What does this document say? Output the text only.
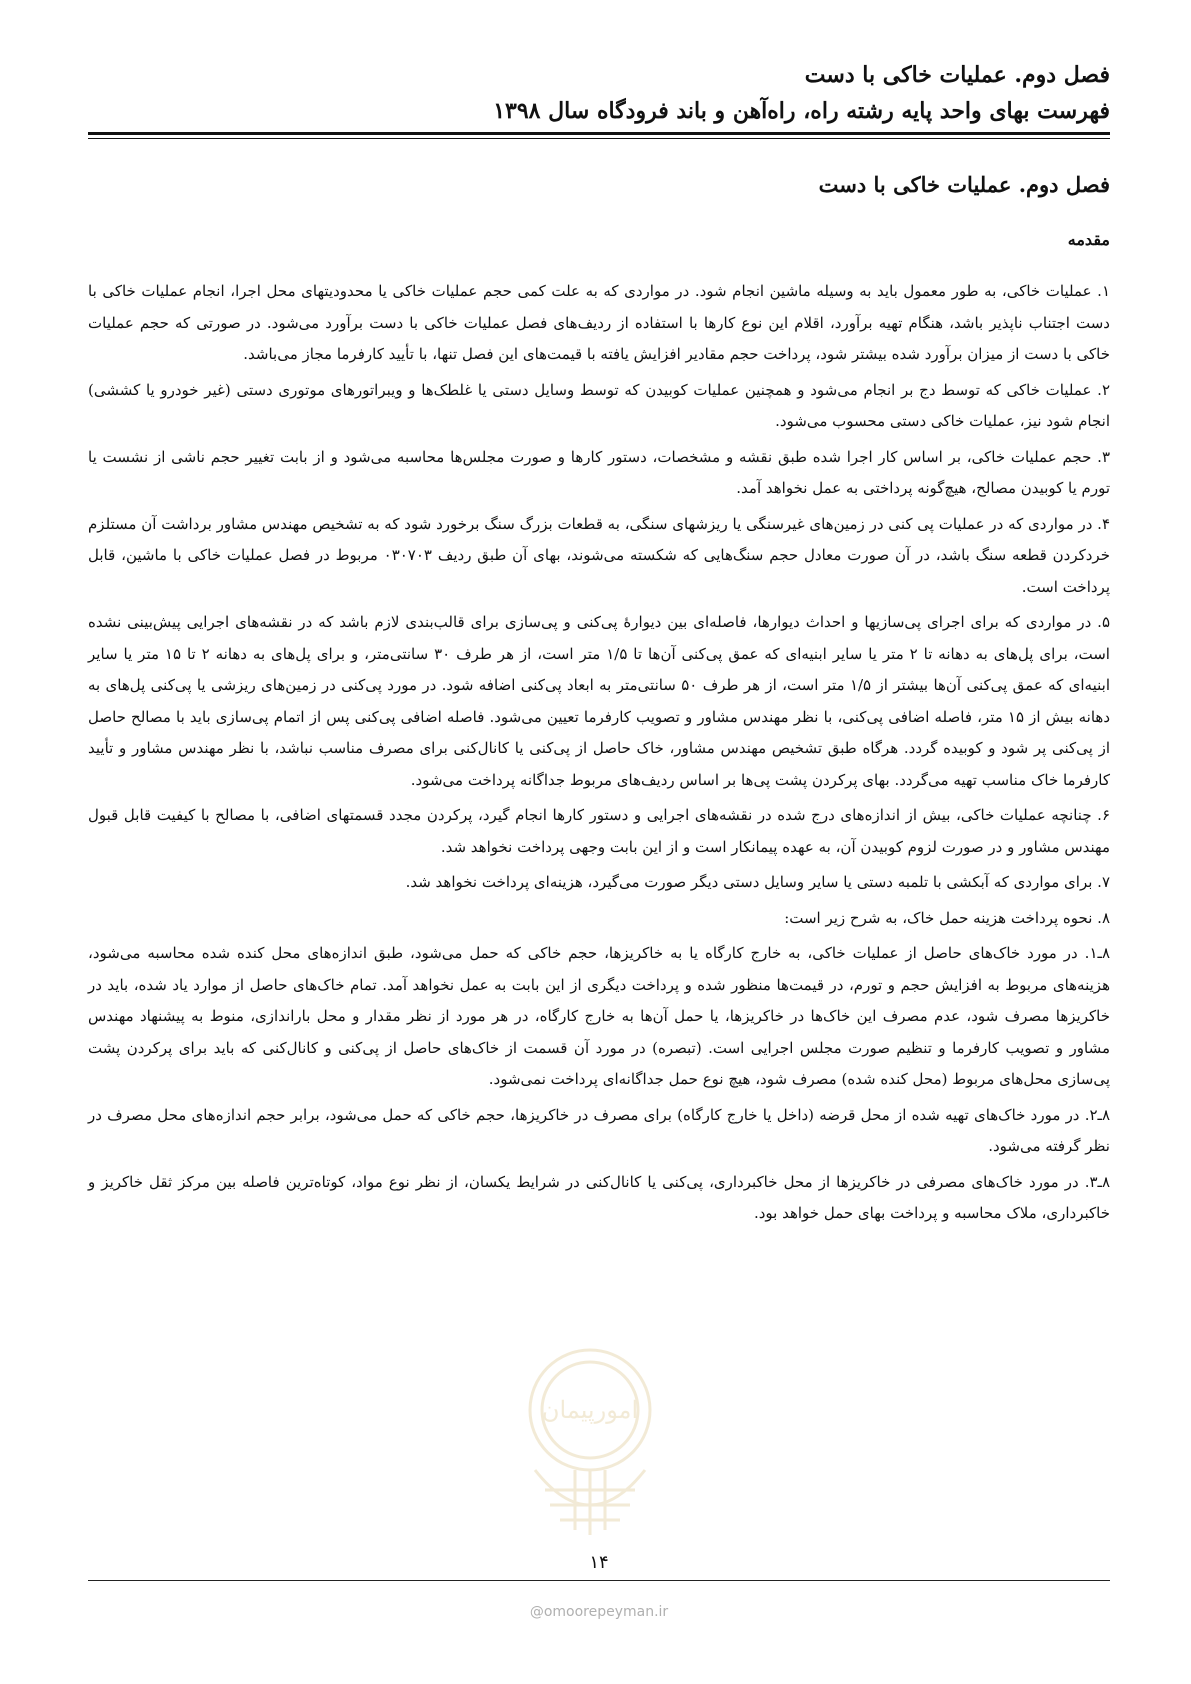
فصل دوم. عملیات خاکی با دست
فهرست بهای واحد پایه رشته راه، راه‌آهن و باند فرودگاه سال ۱۳۹۸
فصل دوم. عملیات خاکی با دست
مقدمه

۱. عملیات خاکی، به طور معمول باید به وسیله ماشین انجام شود. در مواردی که به علت کمی حجم عملیات خاکی یا محدودیتهای محل اجرا، انجام عملیات خاکی با دست اجتناب ناپذیر باشد، هنگام تهیه برآورد، اقلام این نوع کارها با استفاده از ردیف‌های فصل عملیات خاکی با دست برآورد می‌شود. در صورتی که حجم عملیات خاکی با دست از میزان برآورد شده بیشتر شود، پرداخت حجم مقادیر افزایش یافته با قیمت‌های این فصل تنها، با تأیید کارفرما مجاز می‌باشد.

۲. عملیات خاکی که توسط دج بر انجام می‌شود و همچنین عملیات کوبیدن که توسط وسایل دستی یا غلطک‌ها و ویبراتورهای موتوری دستی (غیر خودرو یا کششی) انجام شود نیز، عملیات خاکی دستی محسوب می‌شود.

۳. حجم عملیات خاکی، بر اساس کار اجرا شده طبق نقشه و مشخصات، دستور کارها و صورت مجلس‌ها محاسبه می‌شود و از بابت تغییر حجم ناشی از نشست یا تورم یا کوبیدن مصالح، هیچ‌گونه پرداختی به عمل نخواهد آمد.

۴. در مواردی که در عملیات پی کنی در زمین‌های غیرسنگی یا ریزشهای سنگی، به قطعات بزرگ سنگ برخورد شود که به تشخیص مهندس مشاور برداشت آن مستلزم خردکردن قطعه سنگ باشد، در آن صورت معادل حجم سنگ‌هایی که شکسته می‌شوند، بهای آن طبق ردیف ۰۳۰۷۰۳ مربوط در فصل عملیات خاکی با ماشین، قابل پرداخت است.

۵. در مواردی که برای اجرای پی‌سازیها و احداث دیوارها، فاصله‌ای بین دیوارهٔ پی‌کنی و پی‌سازی برای قالب‌بندی لازم باشد که در نقشه‌های اجرایی پیش‌بینی نشده است، برای پل‌های به دهانه تا ۲ متر یا سایر ابنیه‌ای که عمق پی‌کنی آن‌ها تا ۱/۵ متر است، از هر طرف ۳۰ سانتی‌متر، و برای پل‌های به دهانه ۲ تا ۱۵ متر یا سایر ابنیه‌ای که عمق پی‌کنی آن‌ها بیشتر از ۱/۵ متر است، از هر طرف ۵۰ سانتی‌متر به ابعاد پی‌کنی اضافه شود. در مورد پی‌کنی در زمین‌های ریزشی یا پی‌کنی پل‌های به دهانه بیش از ۱۵ متر، فاصله اضافی پی‌کنی، با نظر مهندس مشاور و تصویب کارفرما تعیین می‌شود. فاصله اضافی پی‌کنی پس از اتمام پی‌سازی باید با مصالح حاصل از پی‌کنی پر شود و کوبیده گردد. هرگاه طبق تشخیص مهندس مشاور، خاک حاصل از پی‌کنی یا کانال‌کنی برای مصرف مناسب نباشد، با نظر مهندس مشاور و تأیید کارفرما خاک مناسب تهیه می‌گردد. بهای پرکردن پشت پی‌ها بر اساس ردیف‌های مربوط جداگانه پرداخت می‌شود.

۶. چنانچه عملیات خاکی، بیش از اندازه‌های درج شده در نقشه‌های اجرایی و دستور کارها انجام گیرد، پرکردن مجدد قسمتهای اضافی، با مصالح با کیفیت قابل قبول مهندس مشاور و در صورت لزوم کوبیدن آن، به عهده پیمانکار است و از این بابت وجهی پرداخت نخواهد شد.

۷. برای مواردی که آبکشی با تلمبه دستی یا سایر وسایل دستی دیگر صورت می‌گیرد، هزینه‌ای پرداخت نخواهد شد.

۸. نحوه پرداخت هزینه حمل خاک، به شرح زیر است:

۸ـ۱. در مورد خاک‌های حاصل از عملیات خاکی، به خارج کارگاه یا به خاکریزها، حجم خاکی که حمل می‌شود، طبق اندازه‌های محل کنده شده محاسبه می‌شود، هزینه‌های مربوط به افزایش حجم و تورم، در قیمت‌ها منظور شده و پرداخت دیگری از این بابت به عمل نخواهد آمد. تمام خاک‌های حاصل از موارد یاد شده، باید در خاکریزها مصرف شود، عدم مصرف این خاک‌ها در خاکریزها، یا حمل آن‌ها به خارج کارگاه، در هر مورد از نظر مقدار و محل باراندازی، منوط به پیشنهاد مهندس مشاور و تصویب کارفرما و تنظیم صورت مجلس اجرایی است. (تبصره) در مورد آن قسمت از خاک‌های حاصل از پی‌کنی و کانال‌کنی که باید برای پرکردن پشت پی‌سازی محل‌های مربوط (محل کنده شده) مصرف شود، هیچ نوع حمل جداگانه‌ای پرداخت نمی‌شود.

۸ـ۲. در مورد خاک‌های تهیه شده از محل قرضه (داخل یا خارج کارگاه) برای مصرف در خاکریزها، حجم خاکی که حمل می‌شود، برابر حجم اندازه‌های محل مصرف در نظر گرفته می‌شود.

۸ـ۳. در مورد خاک‌های مصرفی در خاکریزها از محل خاکبرداری، پی‌کنی یا کانال‌کنی در شرایط یکسان، از نظر نوع مواد، کوتاه‌ترین فاصله بین مرکز ثقل خاکریز و خاکبرداری، ملاک محاسبه و پرداخت بهای حمل خواهد بود.

۱۴
@omoorepeyman.ir
امورپیمان
